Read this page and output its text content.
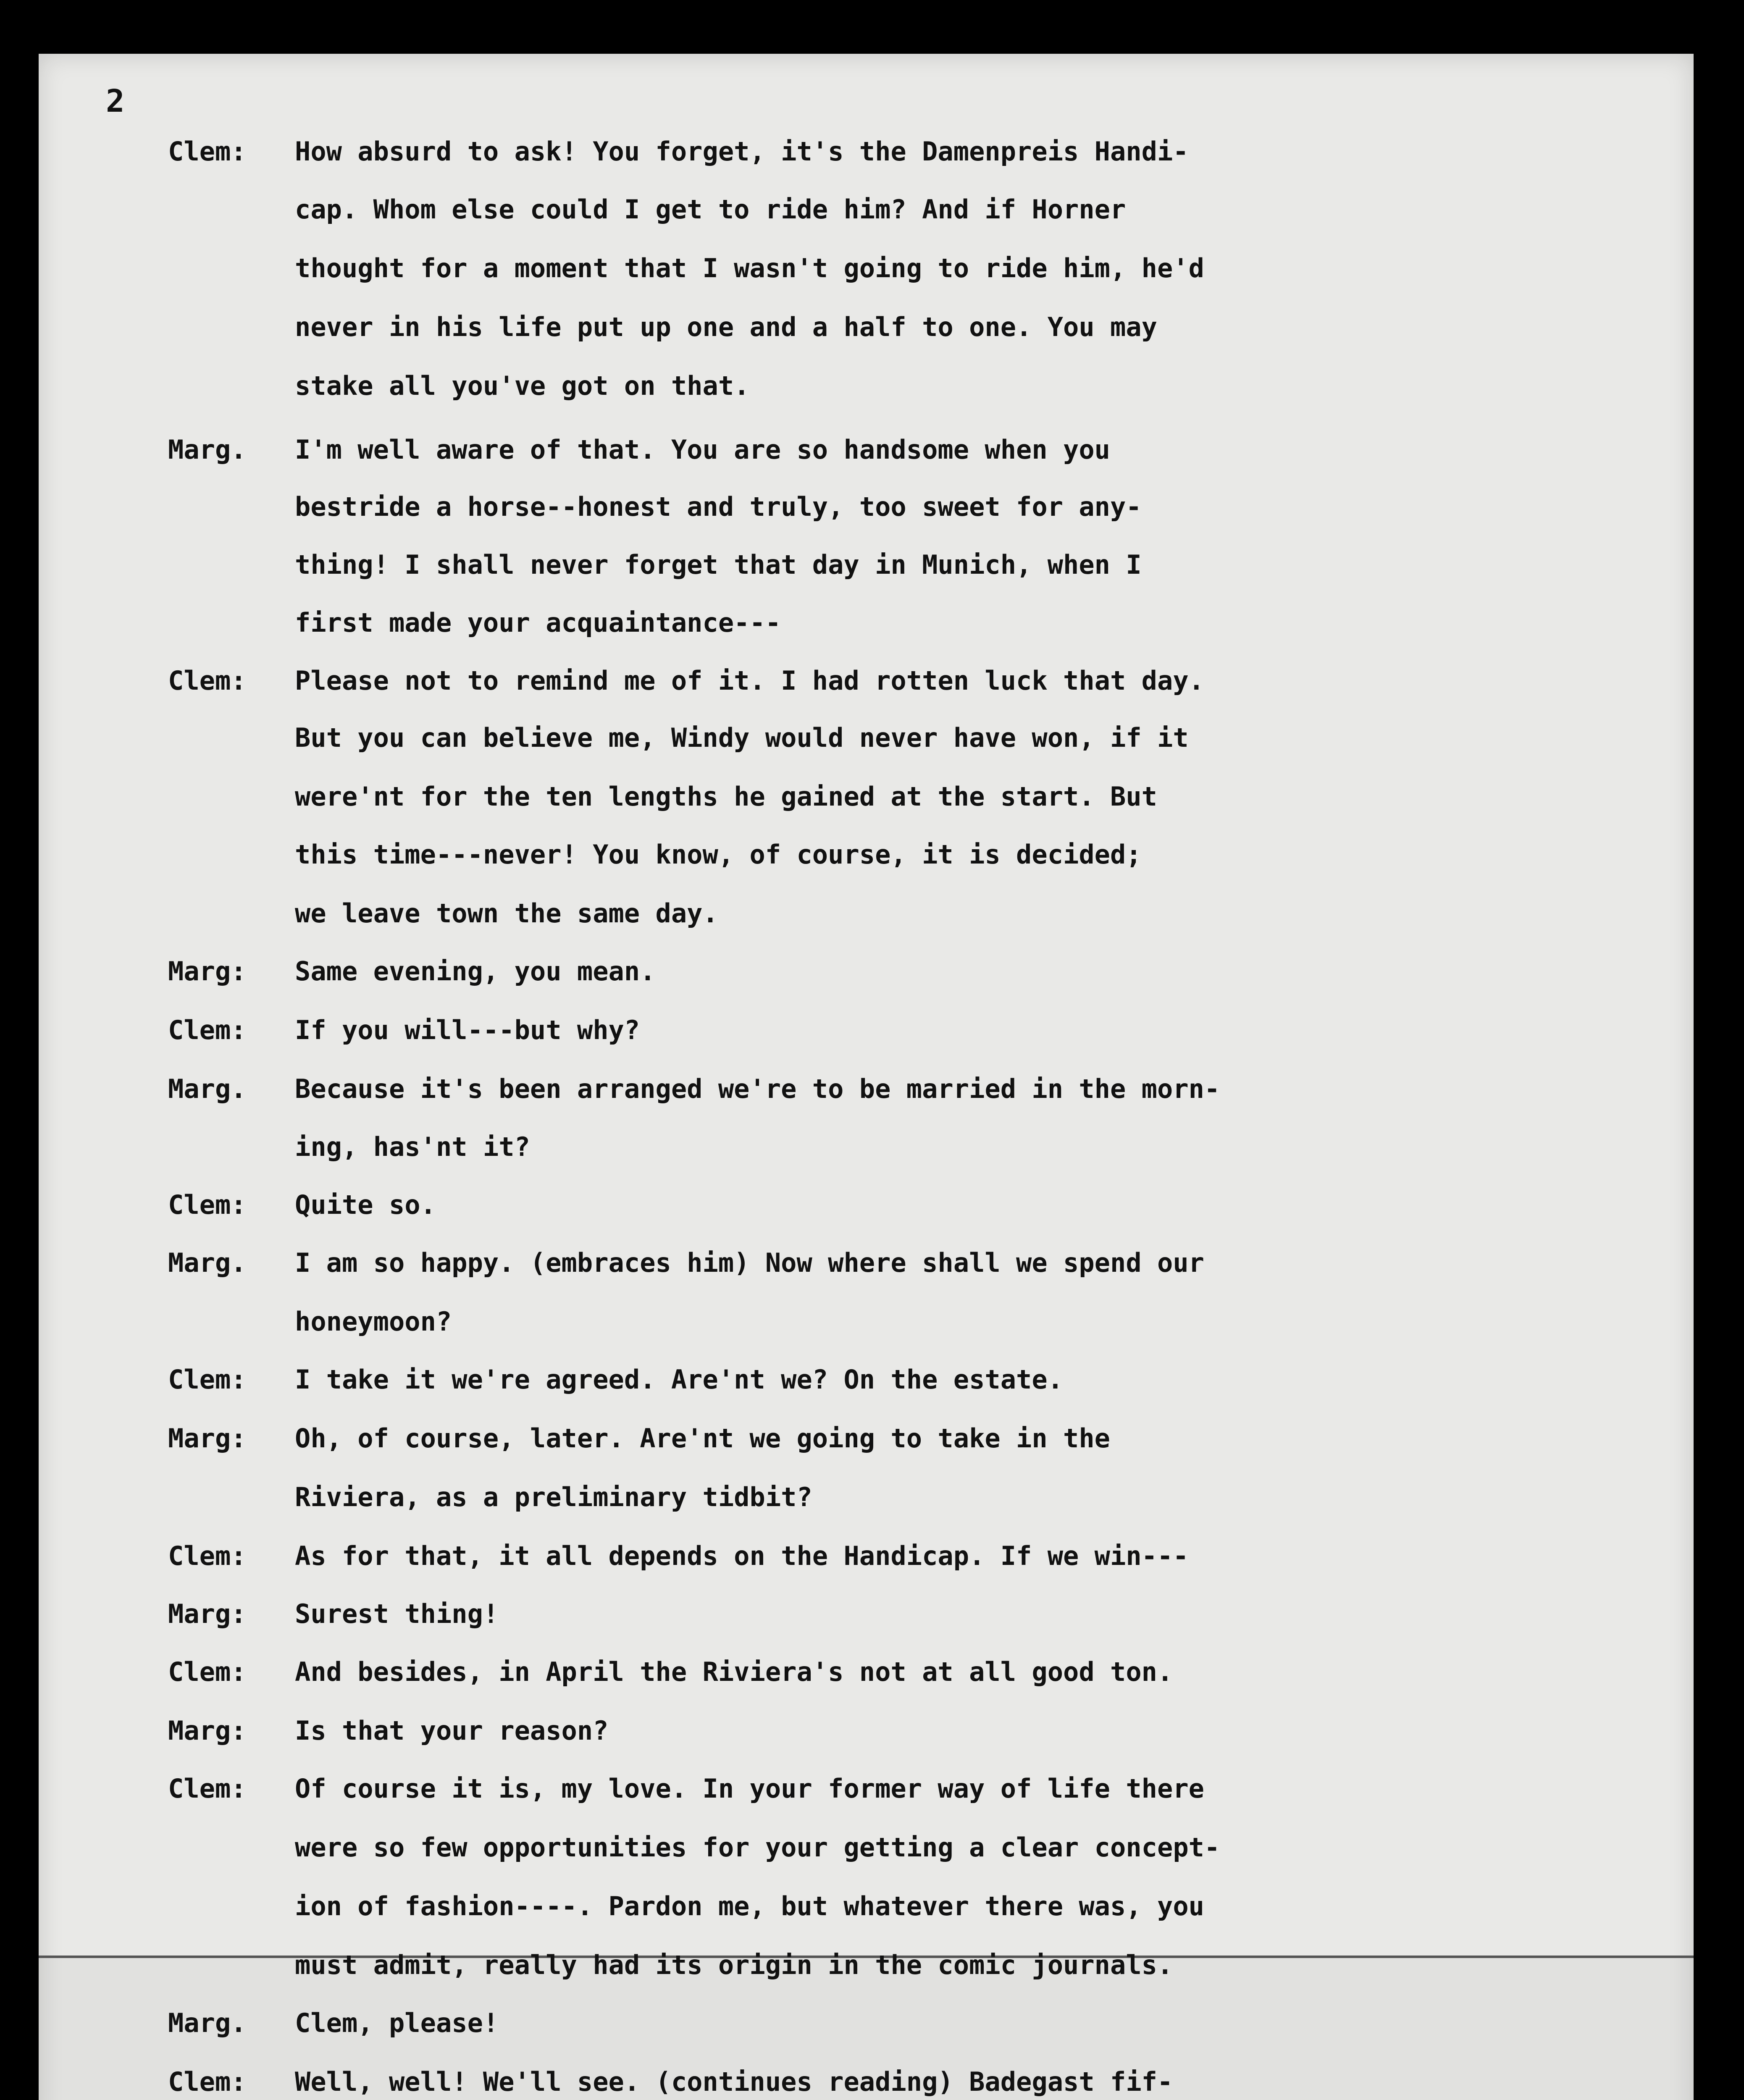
2
Clem: How absurd to ask! You forget, it's the Damenpreis Handi-
cap. Whom else could I get to ride him? And if Horner
thought for a moment that I wasn't going to ride him, he'd
never in his life put up one and a half to one. You may
stake all you've got on that.
Marg. I'm well aware of that. You are so handsome when you
bestride a horse--honest and truly, too sweet for any-
thing! I shall never forget that day in Munich, when I
first made your acquaintance---
Clem: Please not to remind me of it. I had rotten luck that day.
But you can believe me, Windy would never have won, if it
were'nt for the ten lengths he gained at the start. But
this time---never! You know, of course, it is decided;
we leave town the same day.
Marg: Same evening, you mean.
Clem: If you will---but why?
Marg. Because it's been arranged we're to be married in the morn-
ing, has'nt it?
Clem: Quite so.
Marg. I am so happy. (embraces him) Now where shall we spend our
honeymoon?
Clem: I take it we're agreed. Are'nt we? On the estate.
Marg: Oh, of course, later. Are'nt we going to take in the
Riviera, as a preliminary tidbit?
Clem: As for that, it all depends on the Handicap. If we win---
Marg: Surest thing!
Clem: And besides, in April the Riviera's not at all good ton.
Marg: Is that your reason?
Clem: Of course it is, my love. In your former way of life there
were so few opportunities for your getting a clear concept-
ion of fashion----. Pardon me, but whatever there was, you
must admit, really had its origin in the comic journals.
Marg. Clem, please!
Clem: Well, well! We'll see. (continues reading) Badegast fif-
